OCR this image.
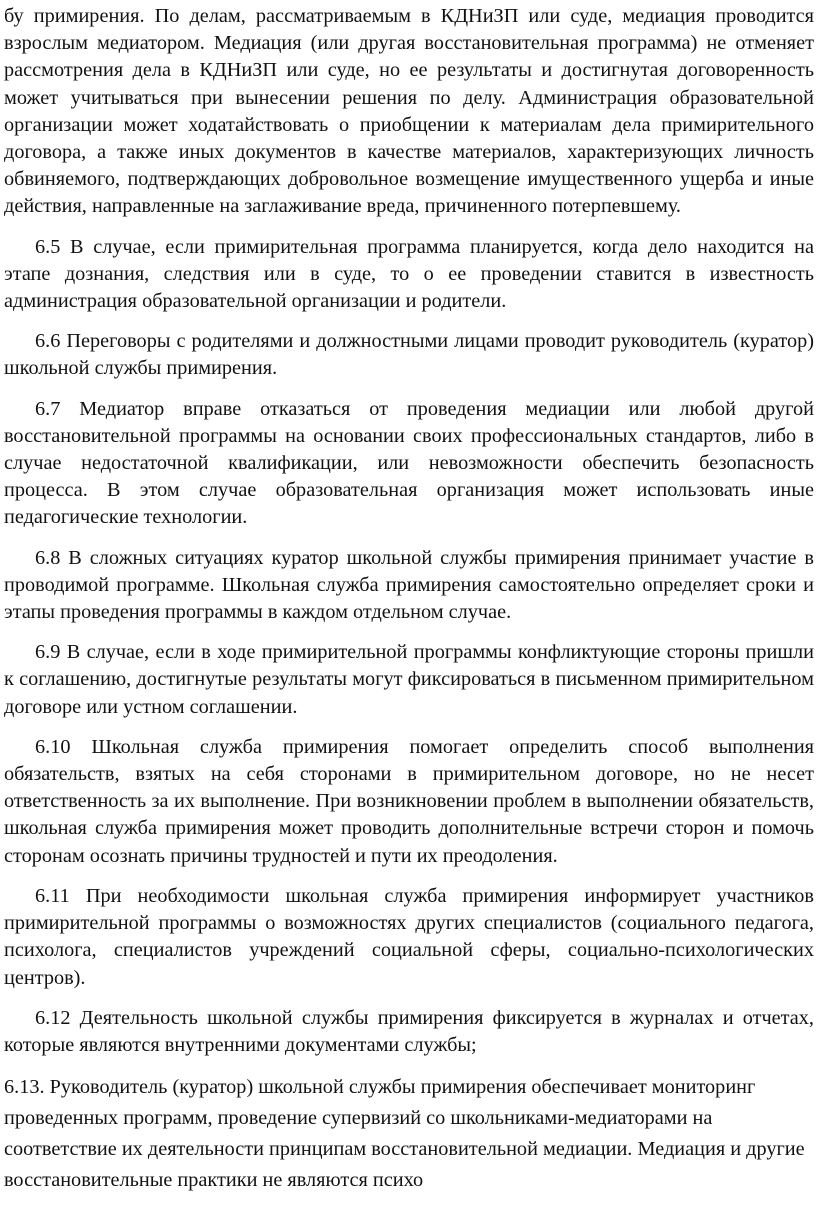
бу примирения. По делам, рассматриваемым в КДНиЗП или суде, медиация проводится взрослым медиатором. Медиация (или другая восстановительная программа) не отменяет рассмотрения дела в КДНиЗП или суде, но ее результаты и достигнутая договоренность может учитываться при вынесении решения по делу. Администрация образовательной организации может ходатайствовать о приобщении к материалам дела примирительного договора, а также иных документов в качестве материалов, характеризующих личность обвиняемого, подтверждающих добровольное возмещение имущественного ущерба и иные действия, направленные на заглаживание вреда, причиненного потерпевшему.

6.5 В случае, если примирительная программа планируется, когда дело находится на этапе дознания, следствия или в суде, то о ее проведении ставится в известность администрация образовательной организации и родители.

6.6 Переговоры с родителями и должностными лицами проводит руководитель (куратор) школьной службы примирения.

6.7 Медиатор вправе отказаться от проведения медиации или любой другой восстановительной программы на основании своих профессиональных стандартов, либо в случае недостаточной квалификации, или невозможности обеспечить безопасность процесса. В этом случае образовательная организация может использовать иные педагогические технологии.

6.8 В сложных ситуациях куратор школьной службы примирения принимает участие в проводимой программе. Школьная служба примирения самостоятельно определяет сроки и этапы проведения программы в каждом отдельном случае.

6.9 В случае, если в ходе примирительной программы конфликтующие стороны пришли к соглашению, достигнутые результаты могут фиксироваться в письменном примирительном договоре или устном соглашении.

6.10 Школьная служба примирения помогает определить способ выполнения обязательств, взятых на себя сторонами в примирительном договоре, но не несет ответственность за их выполнение. При возникновении проблем в выполнении обязательств, школьная служба примирения может проводить дополнительные встречи сторон и помочь сторонам осознать причины трудностей и пути их преодоления.

6.11 При необходимости школьная служба примирения информирует участников примирительной программы о возможностях других специалистов (социального педагога, психолога, специалистов учреждений социальной сферы, социально-психологических центров).

6.12 Деятельность школьной службы примирения фиксируется в журналах и отчетах, которые являются внутренними документами службы;

6.13. Руководитель (куратор) школьной службы примирения обеспечивает мониторинг проведенных программ, проведение супервизий со школьниками-медиаторами на соответствие их деятельности принципам восстановительной медиации. Медиация и другие восстановительные практики не являются психо
